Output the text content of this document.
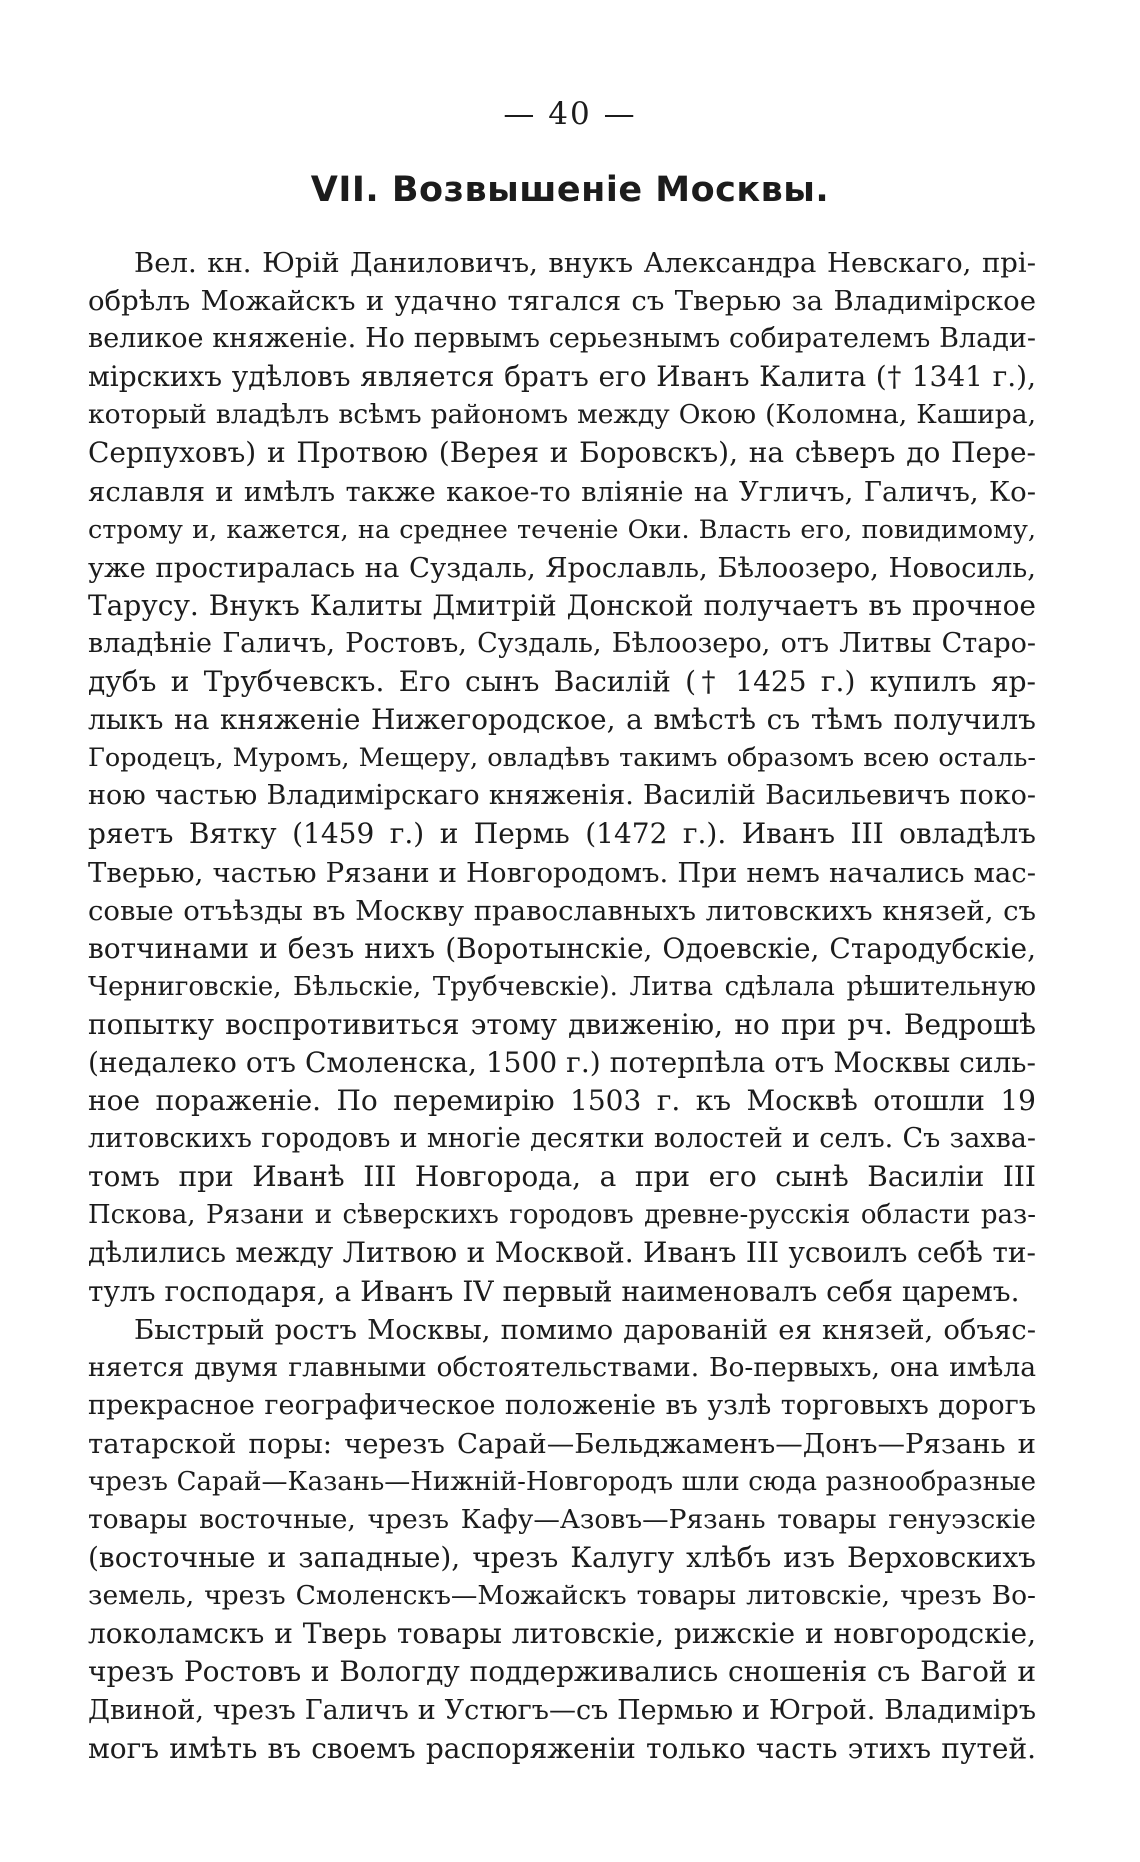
— 40 —
VII. Возвышеніе Москвы.
Вел. кн. Юрій Даниловичъ, внукъ Александра Невскаго, прі-
обрѣлъ Можайскъ и удачно тягался съ Тверью за Владимірское
великое княженіе. Но первымъ серьезнымъ собирателемъ Влади-
мірскихъ удѣловъ является братъ его Иванъ Калита († 1341 г.),
который владѣлъ всѣмъ райономъ между Окою (Коломна, Кашира,
Серпуховъ) и Протвою (Верея и Боровскъ), на сѣверъ до Пере-
яславля и имѣлъ также какое-то вліяніе на Угличъ, Галичъ, Ко-
строму и, кажется, на среднее теченіе Оки. Власть его, повидимому,
уже простиралась на Суздаль, Ярославль, Бѣлоозеро, Новосиль,
Тарусу. Внукъ Калиты Дмитрій Донской получаетъ въ прочное
владѣніе Галичъ, Ростовъ, Суздаль, Бѣлоозеро, отъ Литвы Старо-
дубъ и Трубчевскъ. Его сынъ Василій († 1425 г.) купилъ яр-
лыкъ на княженіе Нижегородское, а вмѣстѣ съ тѣмъ получилъ
Городецъ, Муромъ, Мещеру, овладѣвъ такимъ образомъ всею осталь-
ною частью Владимірскаго княженія. Василій Васильевичъ поко-
ряетъ Вятку (1459 г.) и Пермь (1472 г.). Иванъ III овладѣлъ
Тверью, частью Рязани и Новгородомъ. При немъ начались мас-
совые отъѣзды въ Москву православныхъ литовскихъ князей, съ
вотчинами и безъ нихъ (Воротынскіе, Одоевскіе, Стародубскіе,
Черниговскіе, Бѣльскіе, Трубчевскіе). Литва сдѣлала рѣшительную
попытку воспротивиться этому движенію, но при рч. Ведрошѣ
(недалеко отъ Смоленска, 1500 г.) потерпѣла отъ Москвы силь-
ное пораженіе. По перемирію 1503 г. къ Москвѣ отошли 19
литовскихъ городовъ и многіе десятки волостей и селъ. Съ захва-
томъ при Иванѣ III Новгорода, а при его сынѣ Василіи III
Пскова, Рязани и сѣверскихъ городовъ древне-русскія области раз-
дѣлились между Литвою и Москвой. Иванъ III усвоилъ себѣ ти-
тулъ господаря, а Иванъ IV первый наименовалъ себя царемъ.
Быстрый ростъ Москвы, помимо дарованій ея князей, объяс-
няется двумя главными обстоятельствами. Во-первыхъ, она имѣла
прекрасное географическое положеніе въ узлѣ торговыхъ дорогъ
татарской поры: черезъ Сарай—Бельджаменъ—Донъ—Рязань и
чрезъ Сарай—Казань—Нижній-Новгородъ шли сюда разнообразные
товары восточные, чрезъ Кафу—Азовъ—Рязань товары генуэзскіе
(восточные и западные), чрезъ Калугу хлѣбъ изъ Верховскихъ
земель, чрезъ Смоленскъ—Можайскъ товары литовскіе, чрезъ Во-
локоламскъ и Тверь товары литовскіе, рижскіе и новгородскіе,
чрезъ Ростовъ и Вологду поддерживались сношенія съ Вагой и
Двиной, чрезъ Галичъ и Устюгъ—съ Пермью и Югрой. Владиміръ
могъ имѣть въ своемъ распоряженіи только часть этихъ путей.
